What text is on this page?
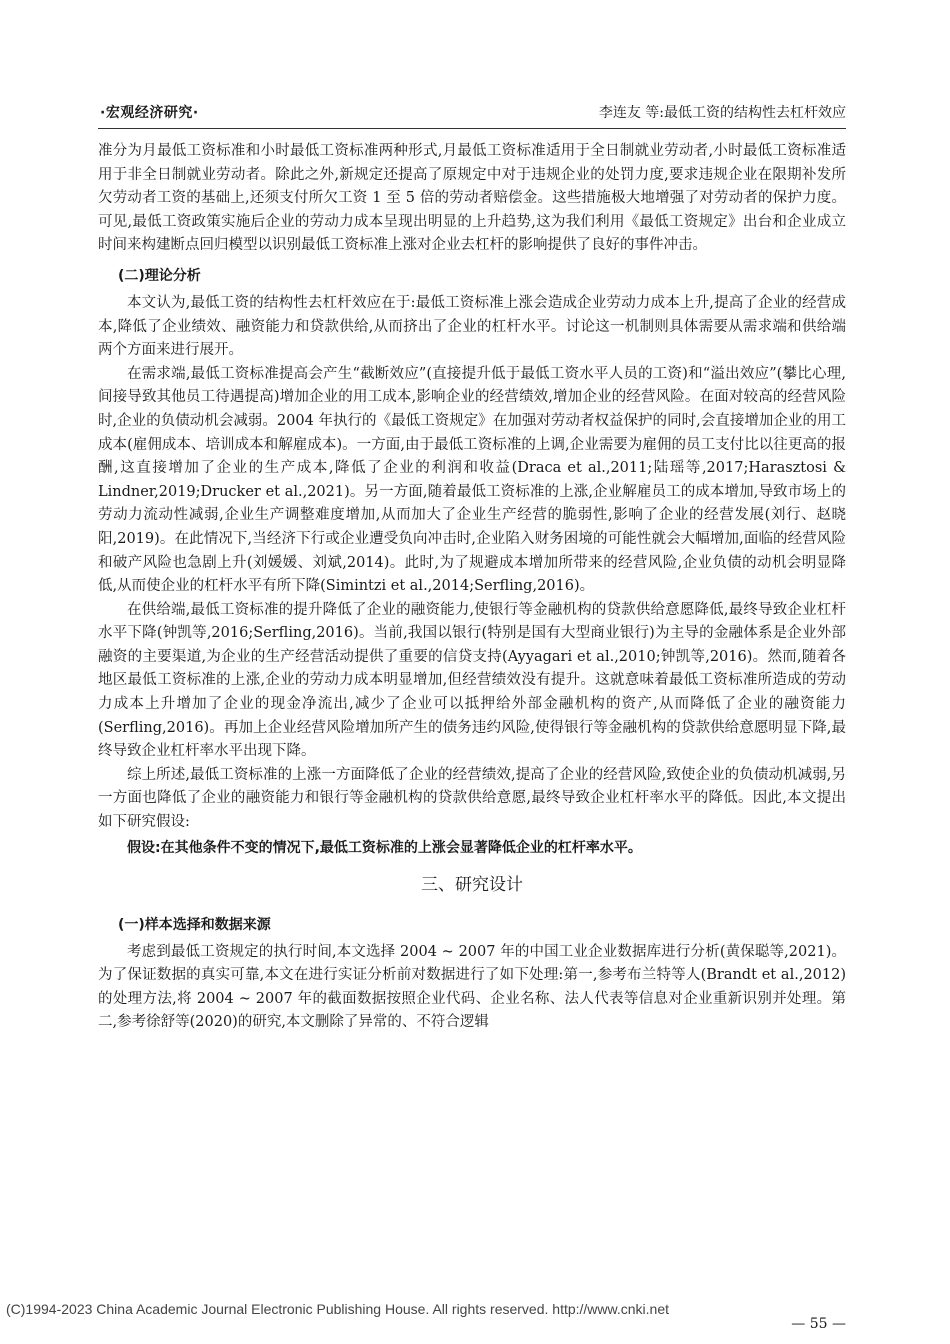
·宏观经济研究·	李连友 等:最低工资的结构性去杠杆效应

准分为月最低工资标准和小时最低工资标准两种形式,月最低工资标准适用于全日制就业劳动者,小时最低工资标准适用于非全日制就业劳动者。除此之外,新规定还提高了原规定中对于违规企业的处罚力度,要求违规企业在限期补发所欠劳动者工资的基础上,还须支付所欠工资 1 至 5 倍的劳动者赔偿金。这些措施极大地增强了对劳动者的保护力度。可见,最低工资政策实施后企业的劳动力成本呈现出明显的上升趋势,这为我们利用《最低工资规定》出台和企业成立时间来构建断点回归模型以识别最低工资标准上涨对企业去杠杆的影响提供了良好的事件冲击。

(二)理论分析

本文认为,最低工资的结构性去杠杆效应在于:最低工资标准上涨会造成企业劳动力成本上升,提高了企业的经营成本,降低了企业绩效、融资能力和贷款供给,从而挤出了企业的杠杆水平。讨论这一机制则具体需要从需求端和供给端两个方面来进行展开。

在需求端,最低工资标准提高会产生“截断效应”(直接提升低于最低工资水平人员的工资)和“溢出效应”(攀比心理,间接导致其他员工待遇提高)增加企业的用工成本,影响企业的经营绩效,增加企业的经营风险。在面对较高的经营风险时,企业的负债动机会减弱。2004 年执行的《最低工资规定》在加强对劳动者权益保护的同时,会直接增加企业的用工成本(雇佣成本、培训成本和解雇成本)。一方面,由于最低工资标准的上调,企业需要为雇佣的员工支付比以往更高的报酬,这直接增加了企业的生产成本,降低了企业的利润和收益(Draca et al.,2011;陆瑶等,2017;Harasztosi & Lindner,2019;Drucker et al.,2021)。另一方面,随着最低工资标准的上涨,企业解雇员工的成本增加,导致市场上的劳动力流动性减弱,企业生产调整难度增加,从而加大了企业生产经营的脆弱性,影响了企业的经营发展(刘行、赵晓阳,2019)。在此情况下,当经济下行或企业遭受负向冲击时,企业陷入财务困境的可能性就会大幅增加,面临的经营风险和破产风险也急剧上升(刘媛媛、刘斌,2014)。此时,为了规避成本增加所带来的经营风险,企业负债的动机会明显降低,从而使企业的杠杆水平有所下降(Simintzi et al.,2014;Serfling,2016)。

在供给端,最低工资标准的提升降低了企业的融资能力,使银行等金融机构的贷款供给意愿降低,最终导致企业杠杆水平下降(钟凯等,2016;Serfling,2016)。当前,我国以银行(特别是国有大型商业银行)为主导的金融体系是企业外部融资的主要渠道,为企业的生产经营活动提供了重要的信贷支持(Ayyagari et al.,2010;钟凯等,2016)。然而,随着各地区最低工资标准的上涨,企业的劳动力成本明显增加,但经营绩效没有提升。这就意味着最低工资标准所造成的劳动力成本上升增加了企业的现金净流出,减少了企业可以抵押给外部金融机构的资产,从而降低了企业的融资能力(Serfling,2016)。再加上企业经营风险增加所产生的债务违约风险,使得银行等金融机构的贷款供给意愿明显下降,最终导致企业杠杆率水平出现下降。

综上所述,最低工资标准的上涨一方面降低了企业的经营绩效,提高了企业的经营风险,致使企业的负债动机减弱,另一方面也降低了企业的融资能力和银行等金融机构的贷款供给意愿,最终导致企业杠杆率水平的降低。因此,本文提出如下研究假设:

假设:在其他条件不变的情况下,最低工资标准的上涨会显著降低企业的杠杆率水平。

三、研究设计
(一)样本选择和数据来源

考虑到最低工资规定的执行时间,本文选择 2004 ~ 2007 年的中国工业企业数据库进行分析(黄保聪等,2021)。为了保证数据的真实可靠,本文在进行实证分析前对数据进行了如下处理:第一,参考布兰特等人(Brandt et al.,2012)的处理方法,将 2004 ~ 2007 年的截面数据按照企业代码、企业名称、法人代表等信息对企业重新识别并处理。第二,参考徐舒等(2020)的研究,本文删除了异常的、不符合逻辑

— 55 —
(C)1994-2023 China Academic Journal Electronic Publishing House. All rights reserved. http://www.cnki.net
